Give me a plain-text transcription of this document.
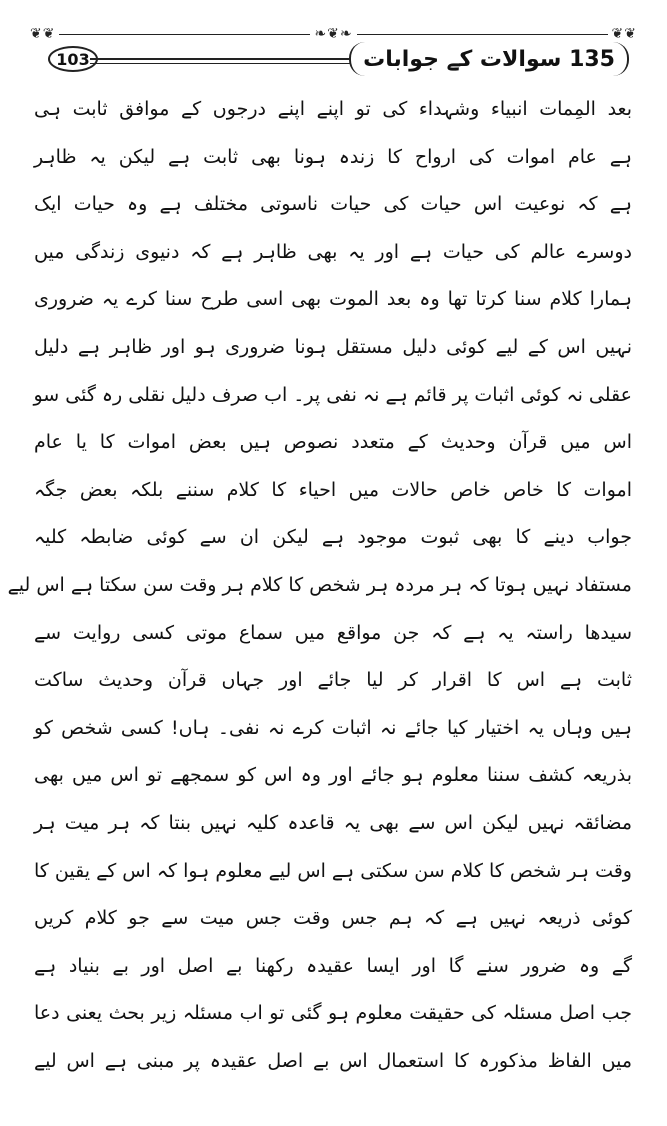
❦❦	❧❦❧	❦❦
103	135 سوالات کے جوابات
بعد المِمات انبیاء وشہداء کی تو اپنے اپنے درجوں کے موافق ثابت ہی
ہے عام اموات کی ارواح کا زندہ ہونا بھی ثابت ہے لیکن یہ ظاہر
ہے کہ نوعیت اس حیات کی حیات ناسوتی مختلف ہے وہ حیات ایک
دوسرے عالم کی حیات ہے اور یہ بھی ظاہر ہے کہ دنیوی زندگی میں
ہمارا کلام سنا کرتا تھا وہ بعد الموت بھی اسی طرح سنا کرے یہ ضروری
نہیں اس کے لیے کوئی دلیل مستقل ہونا ضروری ہو اور ظاہر ہے دلیل
عقلی نہ کوئی اثبات پر قائم ہے نہ نفی پر۔ اب صرف دلیل نقلی رہ گئی سو
اس میں قرآن وحدیث کے متعدد نصوص ہیں بعض اموات کا یا عام
اموات کا خاص خاص حالات میں احیاء کا کلام سننے بلکہ بعض جگہ
جواب دینے کا بھی ثبوت موجود ہے لیکن ان سے کوئی ضابطہ کلیہ
مستفاد نہیں ہوتا کہ ہر مردہ ہر شخص کا کلام ہر وقت سن سکتا ہے اس لیے
سیدھا راستہ یہ ہے کہ جن مواقع میں سماع موتی کسی روایت سے
ثابت ہے اس کا اقرار کر لیا جائے اور جہاں قرآن وحدیث ساکت
ہیں وہاں یہ اختیار کیا جائے نہ اثبات کرے نہ نفی۔ ہاں! کسی شخص کو
بذریعہ کشف سننا معلوم ہو جائے اور وہ اس کو سمجھے تو اس میں بھی
مضائقہ نہیں لیکن اس سے بھی یہ قاعدہ کلیہ نہیں بنتا کہ ہر میت ہر
وقت ہر شخص کا کلام سن سکتی ہے اس لیے معلوم ہوا کہ اس کے یقین کا
کوئی ذریعہ نہیں ہے کہ ہم جس وقت جس میت سے جو کلام کریں
گے وہ ضرور سنے گا اور ایسا عقیدہ رکھنا بے اصل اور بے بنیاد ہے
جب اصل مسئلہ کی حقیقت معلوم ہو گئی تو اب مسئلہ زیر بحث یعنی دعا
میں الفاظ مذکورہ کا استعمال اس بے اصل عقیدہ پر مبنی ہے اس لیے
